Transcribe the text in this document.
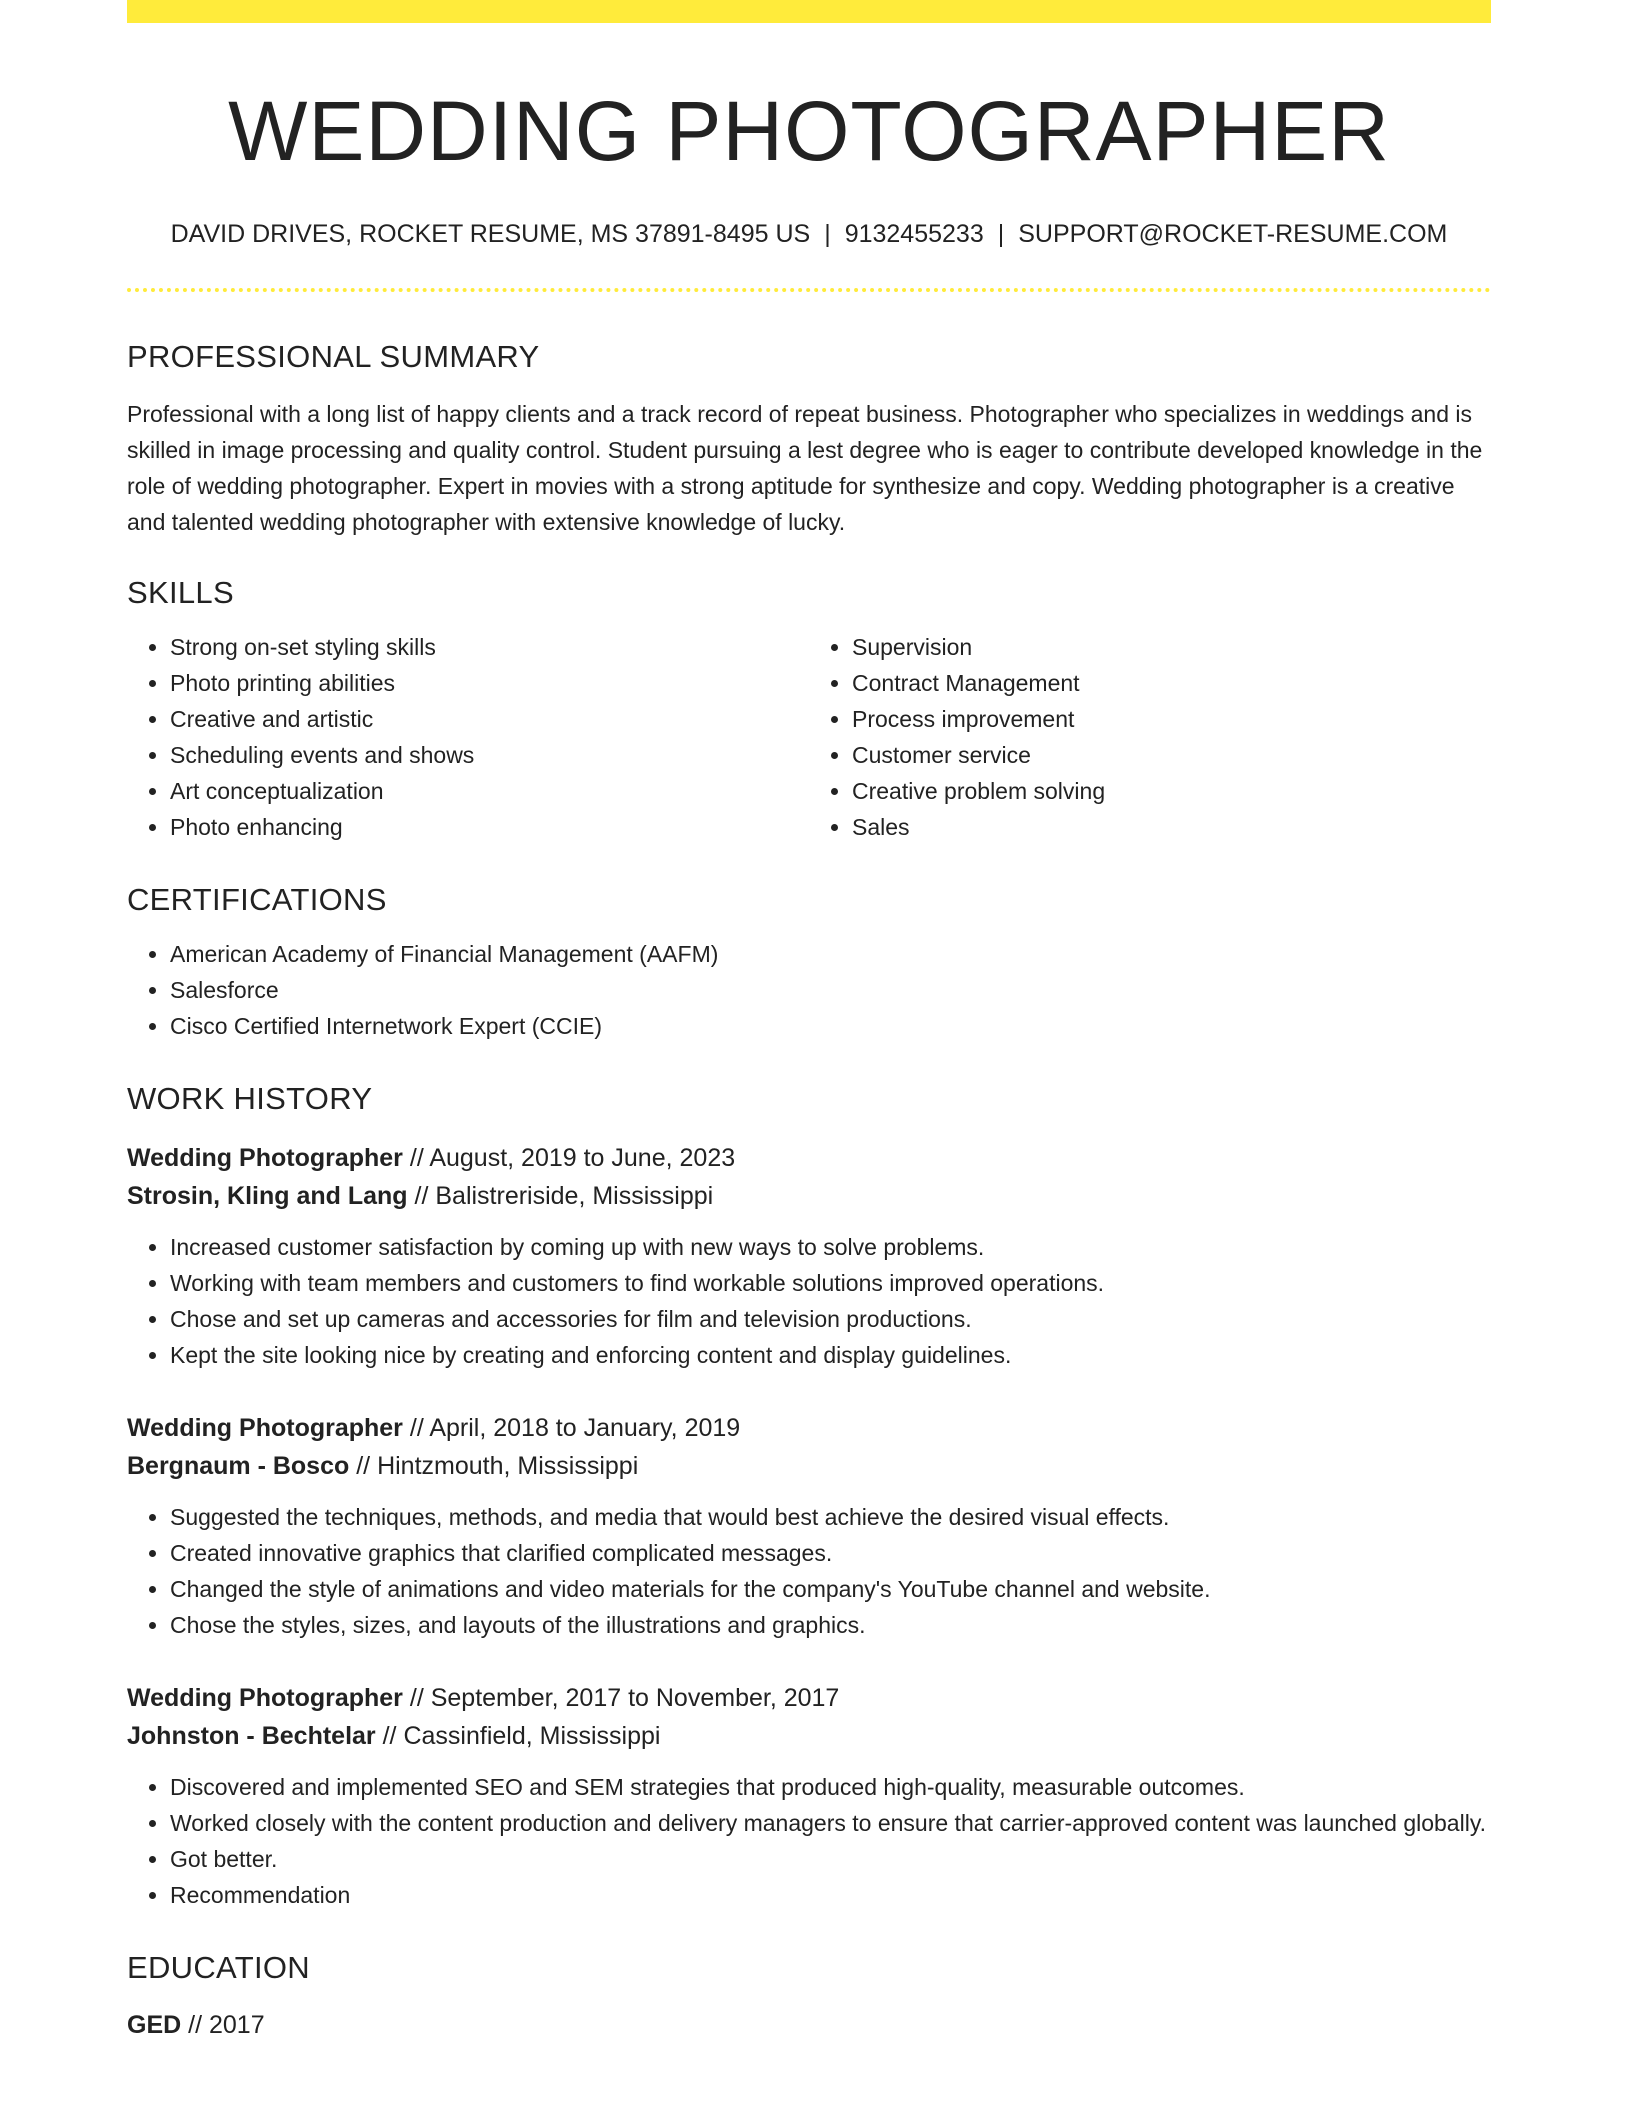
WEDDING PHOTOGRAPHER
DAVID DRIVES, ROCKET RESUME, MS 37891-8495 US | 9132455233 | SUPPORT@ROCKET-RESUME.COM
PROFESSIONAL SUMMARY

Professional with a long list of happy clients and a track record of repeat business. Photographer who specializes in weddings and is skilled in image processing and quality control. Student pursuing a lest degree who is eager to contribute developed knowledge in the role of wedding photographer. Expert in movies with a strong aptitude for synthesize and copy. Wedding photographer is a creative and talented wedding photographer with extensive knowledge of lucky.

SKILLS
• Strong on-set styling skills
• Photo printing abilities
• Creative and artistic
• Scheduling events and shows
• Art conceptualization
• Photo enhancing
• Supervision
• Contract Management
• Process improvement
• Customer service
• Creative problem solving
• Sales
CERTIFICATIONS
• American Academy of Financial Management (AAFM)
• Salesforce
• Cisco Certified Internetwork Expert (CCIE)
WORK HISTORY

Wedding Photographer // August, 2019 to June, 2023

Strosin, Kling and Lang // Balistreriside, Mississippi

• Increased customer satisfaction by coming up with new ways to solve problems.
• Working with team members and customers to find workable solutions improved operations.
• Chose and set up cameras and accessories for film and television productions.
• Kept the site looking nice by creating and enforcing content and display guidelines.

Wedding Photographer // April, 2018 to January, 2019

Bergnaum - Bosco // Hintzmouth, Mississippi

• Suggested the techniques, methods, and media that would best achieve the desired visual effects.
• Created innovative graphics that clarified complicated messages.
• Changed the style of animations and video materials for the company's YouTube channel and website.
• Chose the styles, sizes, and layouts of the illustrations and graphics.

Wedding Photographer // September, 2017 to November, 2017

Johnston - Bechtelar // Cassinfield, Mississippi

• Discovered and implemented SEO and SEM strategies that produced high-quality, measurable outcomes.
• Worked closely with the content production and delivery managers to ensure that carrier-approved content was launched globally.
• Got better.
• Recommendation
EDUCATION

GED // 2017
